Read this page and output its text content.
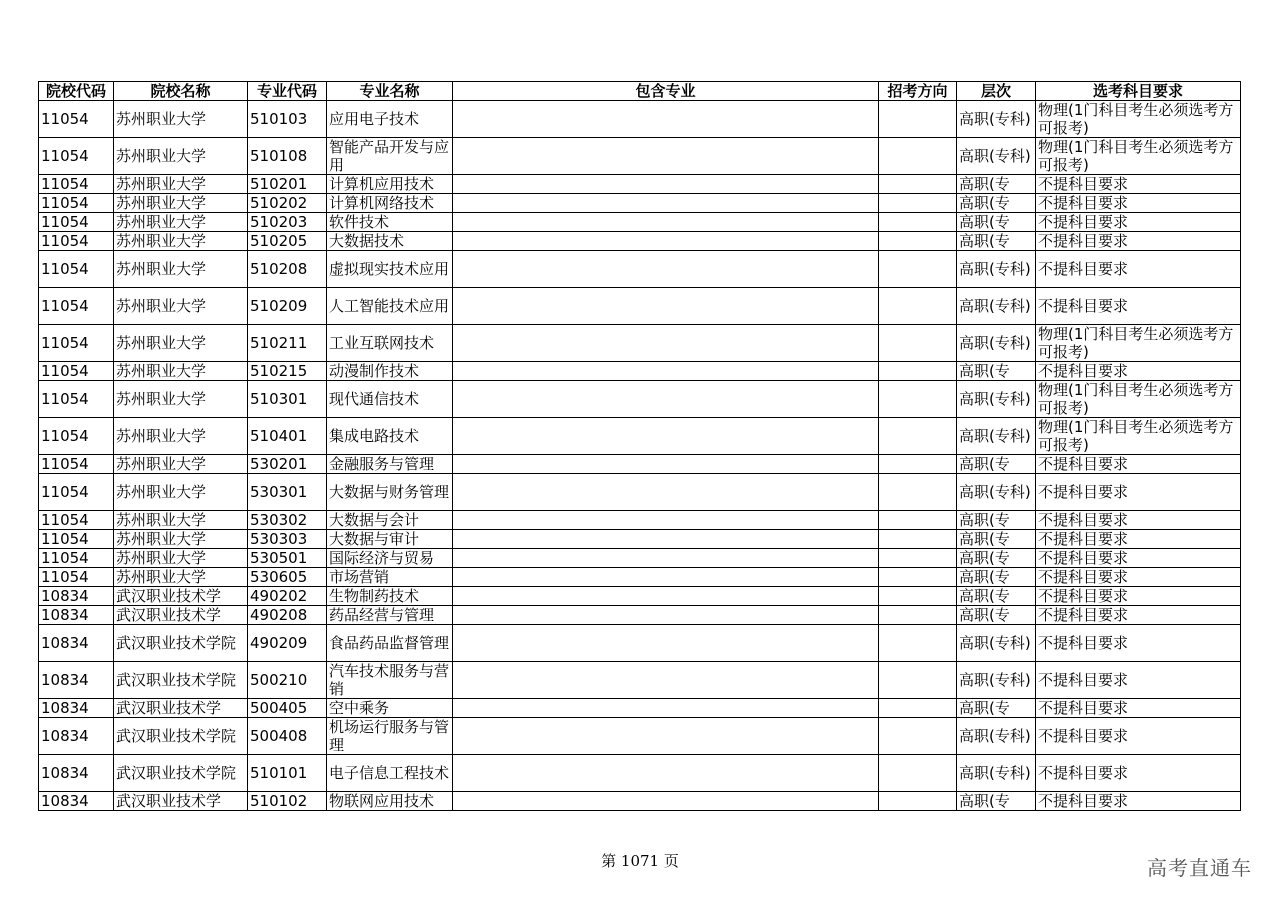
院校代码	院校名称	专业代码	专业名称	包含专业	招考方向	层次	选考科目要求
11054	苏州职业大学	510103	应用电子技术			高职(专科)	物理(1门科目考生必须选考方可报考)
11054	苏州职业大学	510108	智能产品开发与应用			高职(专科)	物理(1门科目考生必须选考方可报考)
11054	苏州职业大学	510201	计算机应用技术			高职(专	不提科目要求
11054	苏州职业大学	510202	计算机网络技术			高职(专	不提科目要求
11054	苏州职业大学	510203	软件技术			高职(专	不提科目要求
11054	苏州职业大学	510205	大数据技术			高职(专	不提科目要求
11054	苏州职业大学	510208	虚拟现实技术应用			高职(专科)	不提科目要求
11054	苏州职业大学	510209	人工智能技术应用			高职(专科)	不提科目要求
11054	苏州职业大学	510211	工业互联网技术			高职(专科)	物理(1门科目考生必须选考方可报考)
11054	苏州职业大学	510215	动漫制作技术			高职(专	不提科目要求
11054	苏州职业大学	510301	现代通信技术			高职(专科)	物理(1门科目考生必须选考方可报考)
11054	苏州职业大学	510401	集成电路技术			高职(专科)	物理(1门科目考生必须选考方可报考)
11054	苏州职业大学	530201	金融服务与管理			高职(专	不提科目要求
11054	苏州职业大学	530301	大数据与财务管理			高职(专科)	不提科目要求
11054	苏州职业大学	530302	大数据与会计			高职(专	不提科目要求
11054	苏州职业大学	530303	大数据与审计			高职(专	不提科目要求
11054	苏州职业大学	530501	国际经济与贸易			高职(专	不提科目要求
11054	苏州职业大学	530605	市场营销			高职(专	不提科目要求
10834	武汉职业技术学	490202	生物制药技术			高职(专	不提科目要求
10834	武汉职业技术学	490208	药品经营与管理			高职(专	不提科目要求
10834	武汉职业技术学院	490209	食品药品监督管理			高职(专科)	不提科目要求
10834	武汉职业技术学院	500210	汽车技术服务与营销			高职(专科)	不提科目要求
10834	武汉职业技术学	500405	空中乘务			高职(专	不提科目要求
10834	武汉职业技术学院	500408	机场运行服务与管理			高职(专科)	不提科目要求
10834	武汉职业技术学院	510101	电子信息工程技术			高职(专科)	不提科目要求
10834	武汉职业技术学	510102	物联网应用技术			高职(专	不提科目要求
第 1071 页	高考直通车
